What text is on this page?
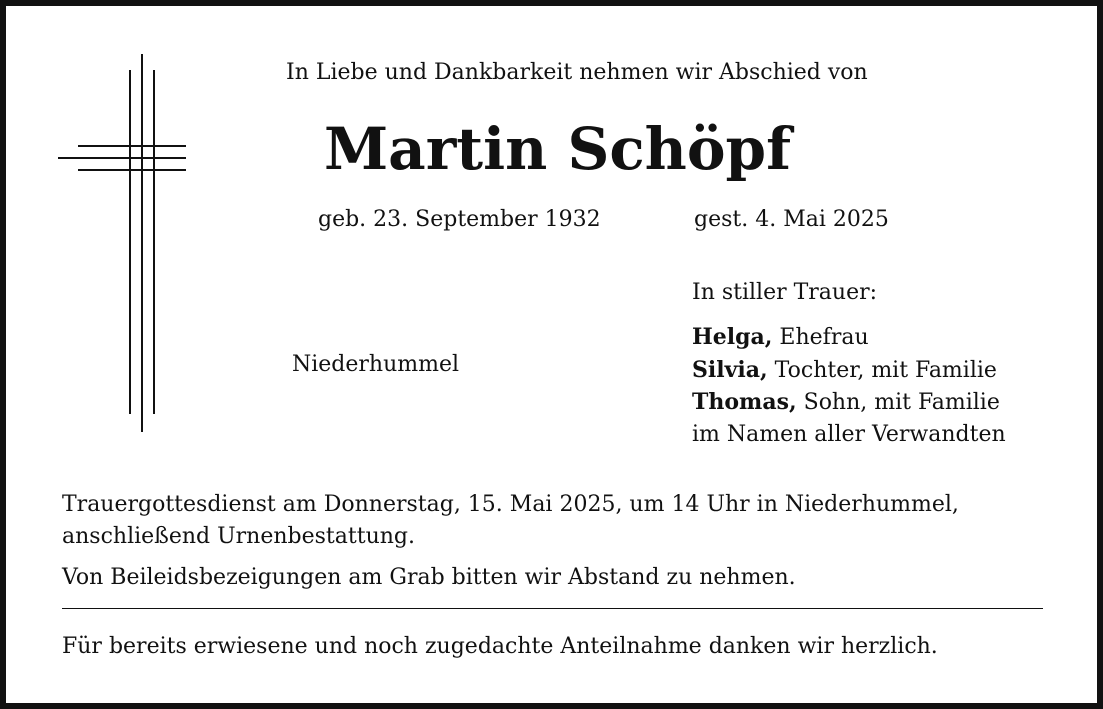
In Liebe und Dankbarkeit nehmen wir Abschied von
Martin Schöpf
geb. 23. September 1932	gest. 4. Mai 2025
In stiller Trauer:
Niederhummel
Helga, Ehefrau
Silvia, Tochter, mit Familie
Thomas, Sohn, mit Familie
im Namen aller Verwandten
Trauergottesdienst am Donnerstag, 15. Mai 2025, um 14 Uhr in Niederhummel, anschließend Urnenbestattung.
Von Beileidsbezeigungen am Grab bitten wir Abstand zu nehmen.
Für bereits erwiesene und noch zugedachte Anteilnahme danken wir herzlich.
